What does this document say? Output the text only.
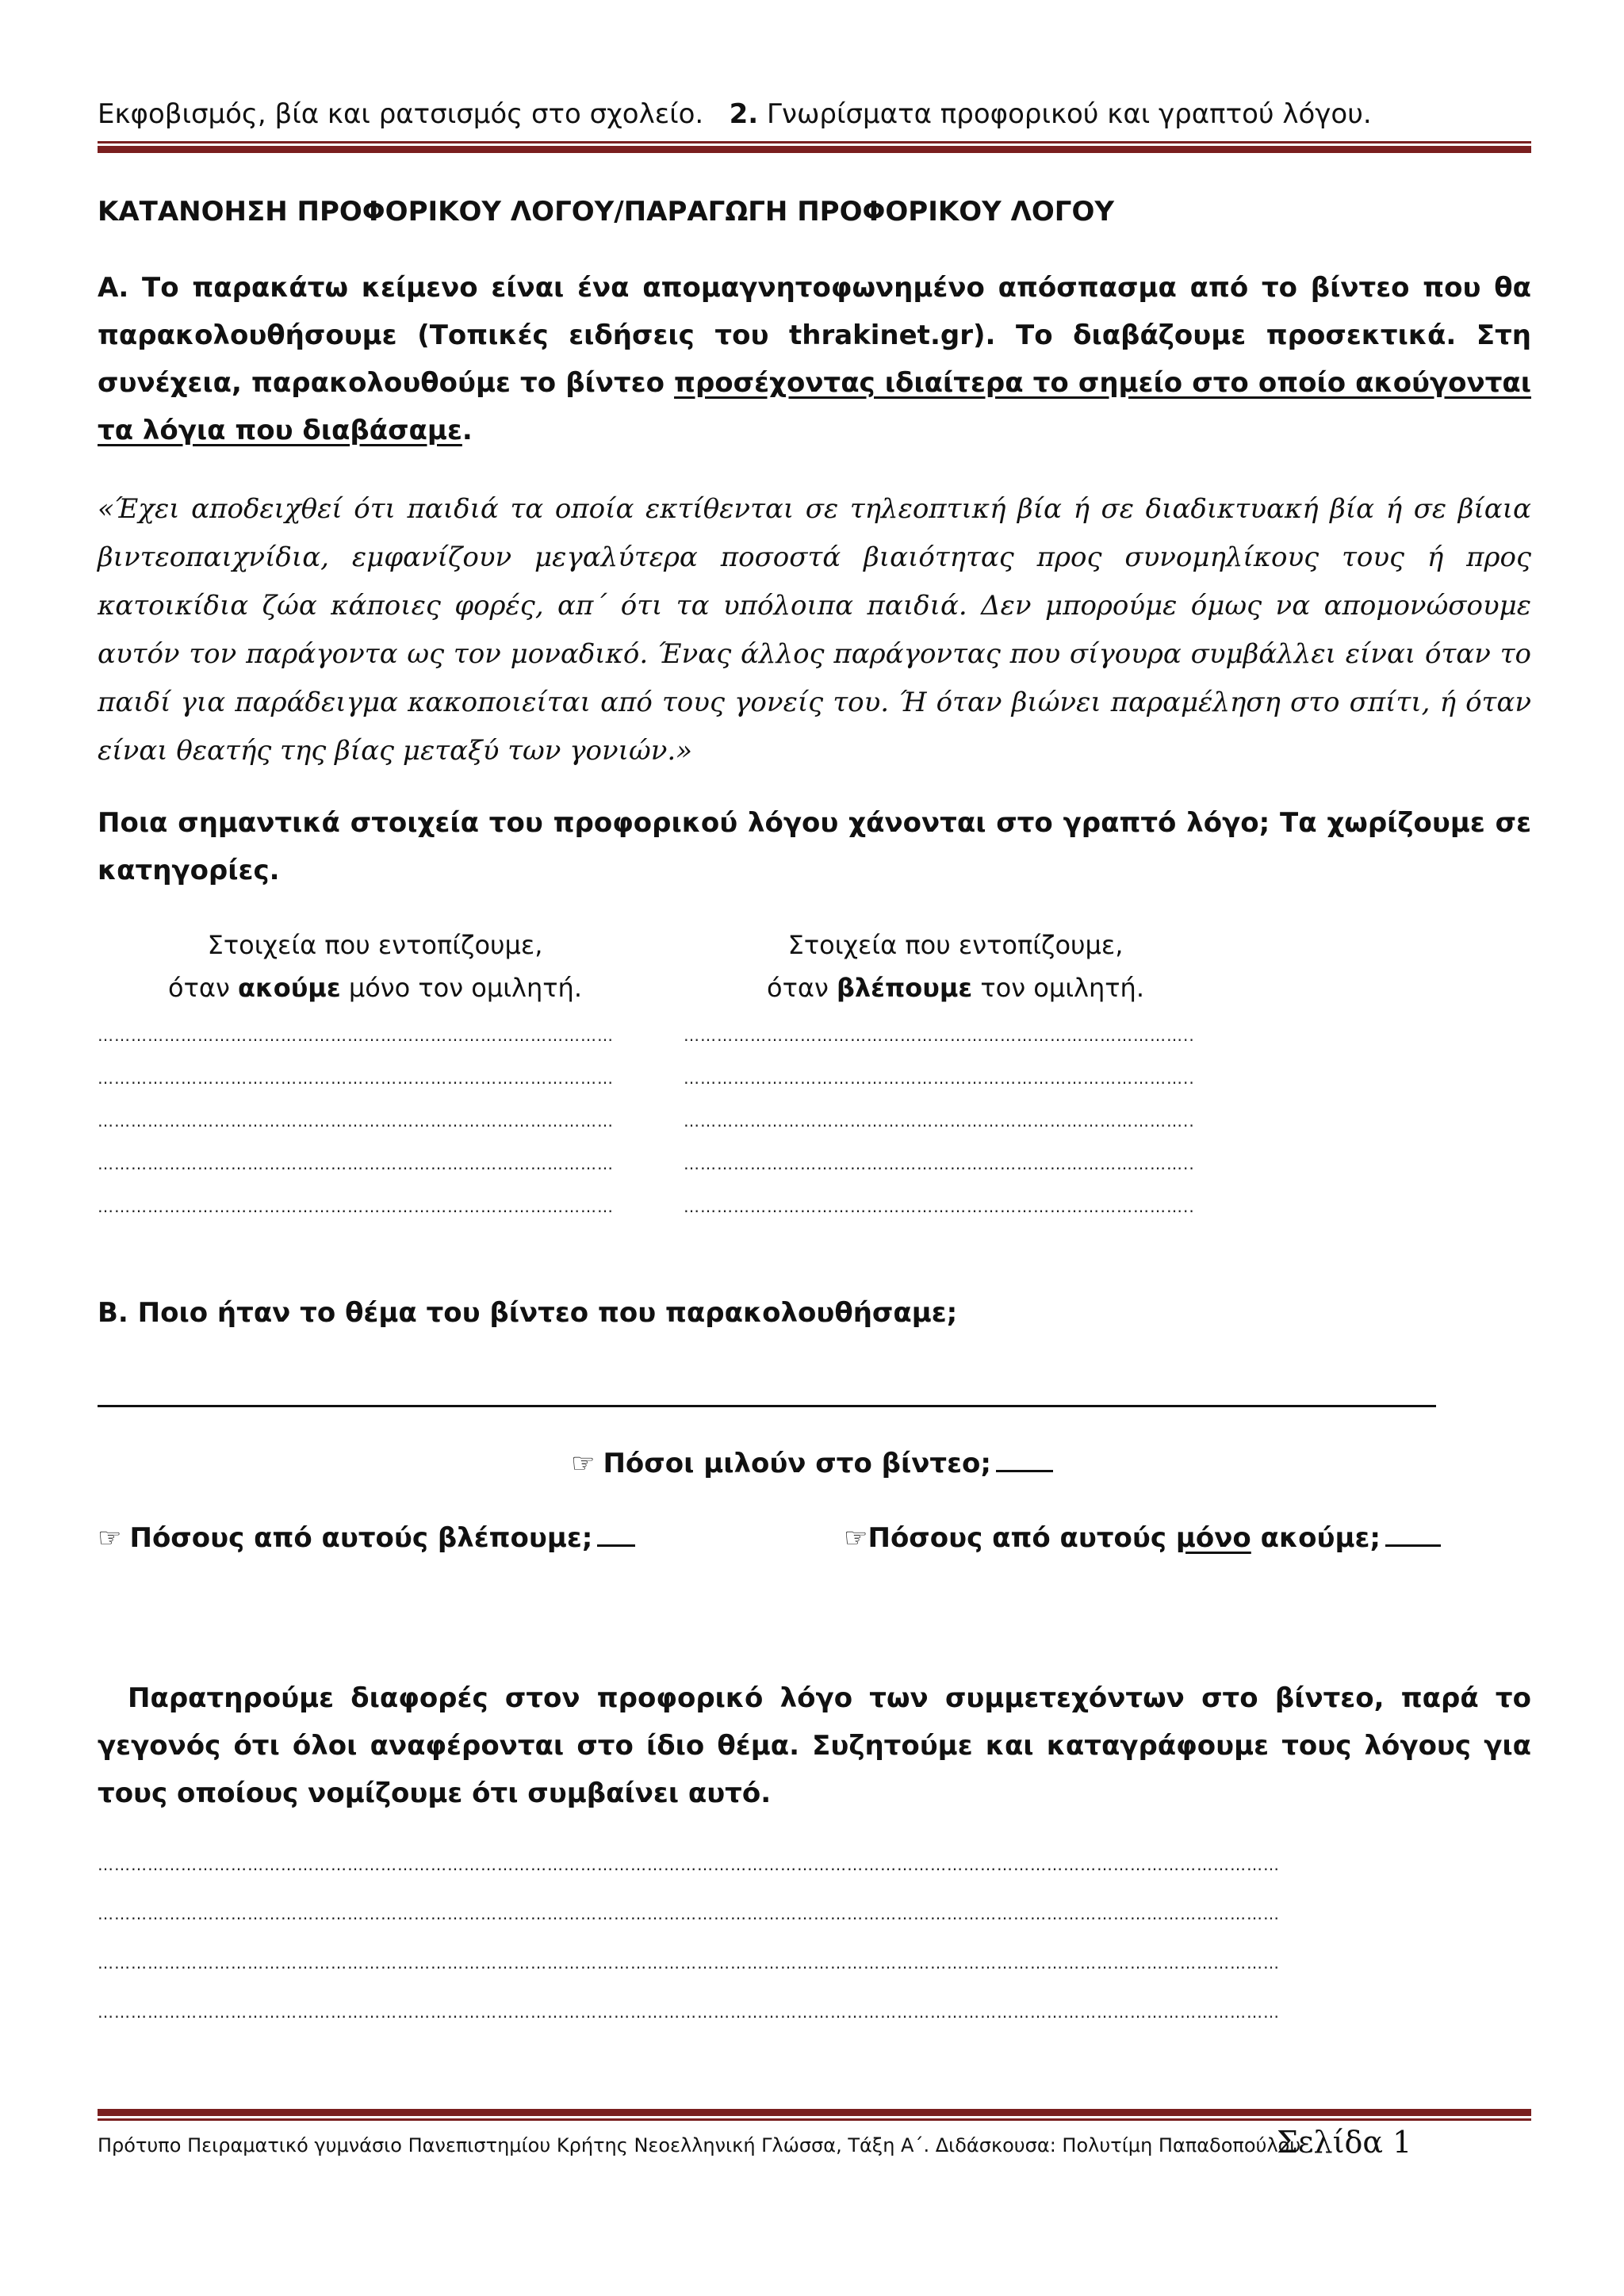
Εκφοβισμός, βία και ρατσισμός στο σχολείο. 2. Γνωρίσματα προφορικού και γραπτού λόγου.
ΚΑΤΑΝΟΗΣΗ ΠΡΟΦΟΡΙΚΟΥ ΛΟΓΟΥ/ΠΑΡΑΓΩΓΗ ΠΡΟΦΟΡΙΚΟΥ ΛΟΓΟΥ
Α. Το παρακάτω κείμενο είναι ένα απομαγνητοφωνημένο απόσπασμα από το βίντεο που θα παρακολουθήσουμε (Τοπικές ειδήσεις του thrakinet.gr). Το διαβάζουμε προσεκτικά. Στη συνέχεια, παρακολουθούμε το βίντεο προσέχοντας ιδιαίτερα το σημείο στο οποίο ακούγονται τα λόγια που διαβάσαμε.
«Έχει αποδειχθεί ότι παιδιά τα οποία εκτίθενται σε τηλεοπτική βία ή σε διαδικτυακή βία ή σε βίαια βιντεοπαιχνίδια, εμφανίζουν μεγαλύτερα ποσοστά βιαιότητας προς συνομηλίκους τους ή προς κατοικίδια ζώα κάποιες φορές, απ΄ ότι τα υπόλοιπα παιδιά. Δεν μπορούμε όμως να απομονώσουμε αυτόν τον παράγοντα ως τον μοναδικό. Ένας άλλος παράγοντας που σίγουρα συμβάλλει είναι όταν το παιδί για παράδειγμα κακοποιείται από τους γονείς του. Ή όταν βιώνει παραμέληση στο σπίτι, ή όταν είναι θεατής της βίας μεταξύ των γονιών.»
Ποια σημαντικά στοιχεία του προφορικού λόγου χάνονται στο γραπτό λόγο; Τα χωρίζουμε σε κατηγορίες.
Στοιχεία που εντοπίζουμε,
όταν ακούμε μόνο τον ομιλητή.
Στοιχεία που εντοπίζουμε,
όταν βλέπουμε τον ομιλητή.
…………………………………………………………………………………
…………………………………………………………………………………
…………………………………………………………………………………
…………………………………………………………………………………
…………………………………………………………………………………
………………………………………………………………………………..
………………………………………………………………………………..
………………………………………………………………………………..
………………………………………………………………………………..
………………………………………………………………………………..
Β. Ποιο ήταν το θέμα του βίντεο που παρακολουθήσαμε;
☞ Πόσοι μιλούν στο βίντεο;
☞ Πόσους από αυτούς βλέπουμε;	☞Πόσους από αυτούς μόνο ακούμε;
Παρατηρούμε διαφορές στον προφορικό λόγο των συμμετεχόντων στο βίντεο, παρά το γεγονός ότι όλοι αναφέρονται στο ίδιο θέμα. Συζητούμε και καταγράφουμε τους λόγους για τους οποίους νομίζουμε ότι συμβαίνει αυτό.
……………………………………………………………………………………………………………………………………………………………………………………………
……………………………………………………………………………………………………………………………………………………………………………………………
……………………………………………………………………………………………………………………………………………………………………………………………
……………………………………………………………………………………………………………………………………………………………………………………………
Πρότυπο Πειραματικό γυμνάσιο Πανεπιστημίου Κρήτης Νεοελληνική Γλώσσα, Τάξη Α΄. Διδάσκουσα: Πολυτίμη Παπαδοπούλου
Σελίδα 1
